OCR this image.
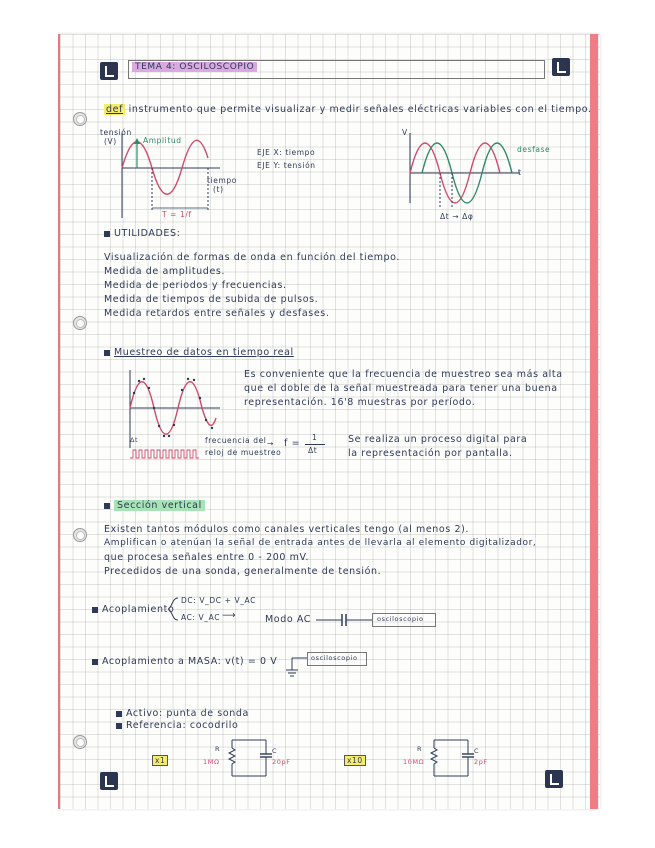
TEMA 4: OSCILOSCOPIO
def instrumento que permite visualizar y medir señales eléctricas variables con el tiempo.
tensión
(V)	Amplitud
tiempo
(t)
T = 1/f
EJE X: tiempo
EJE Y: tensión
V
t
desfase
Δt → Δφ
UTILIDADES:
Visualización de formas de onda en función del tiempo.
Medida de amplitudes.
Medida de periodos y frecuencias.
Medida de tiempos de subida de pulsos.
Medida retardos entre señales y desfases.
Muestreo de datos en tiempo real
Δt
Es conveniente que la frecuencia de muestreo sea más alta
que el doble de la señal muestreada para tener una buena
representación. 16'8 muestras por período.
frecuencia del
reloj de muestreo
→ f =
1
Δt
Se realiza un proceso digital para
la representación por pantalla.
Sección vertical
Existen tantos módulos como canales verticales tengo (al menos 2).
Amplifican o atenúan la señal de entrada antes de llevarla al elemento digitalizador,
que procesa señales entre 0 - 200 mV.
Precedidos de una sonda, generalmente de tensión.
Acoplamiento
DC: V_DC + V_AC
AC: V_AC ⟶	Modo AC	osciloscopio
Acoplamiento a MASA: v(t) = 0 V	osciloscopio
Activo: punta de sonda
Referencia: cocodrilo
x1
R	C
1MΩ	20pF	x10
R	C
10MΩ	2pF
